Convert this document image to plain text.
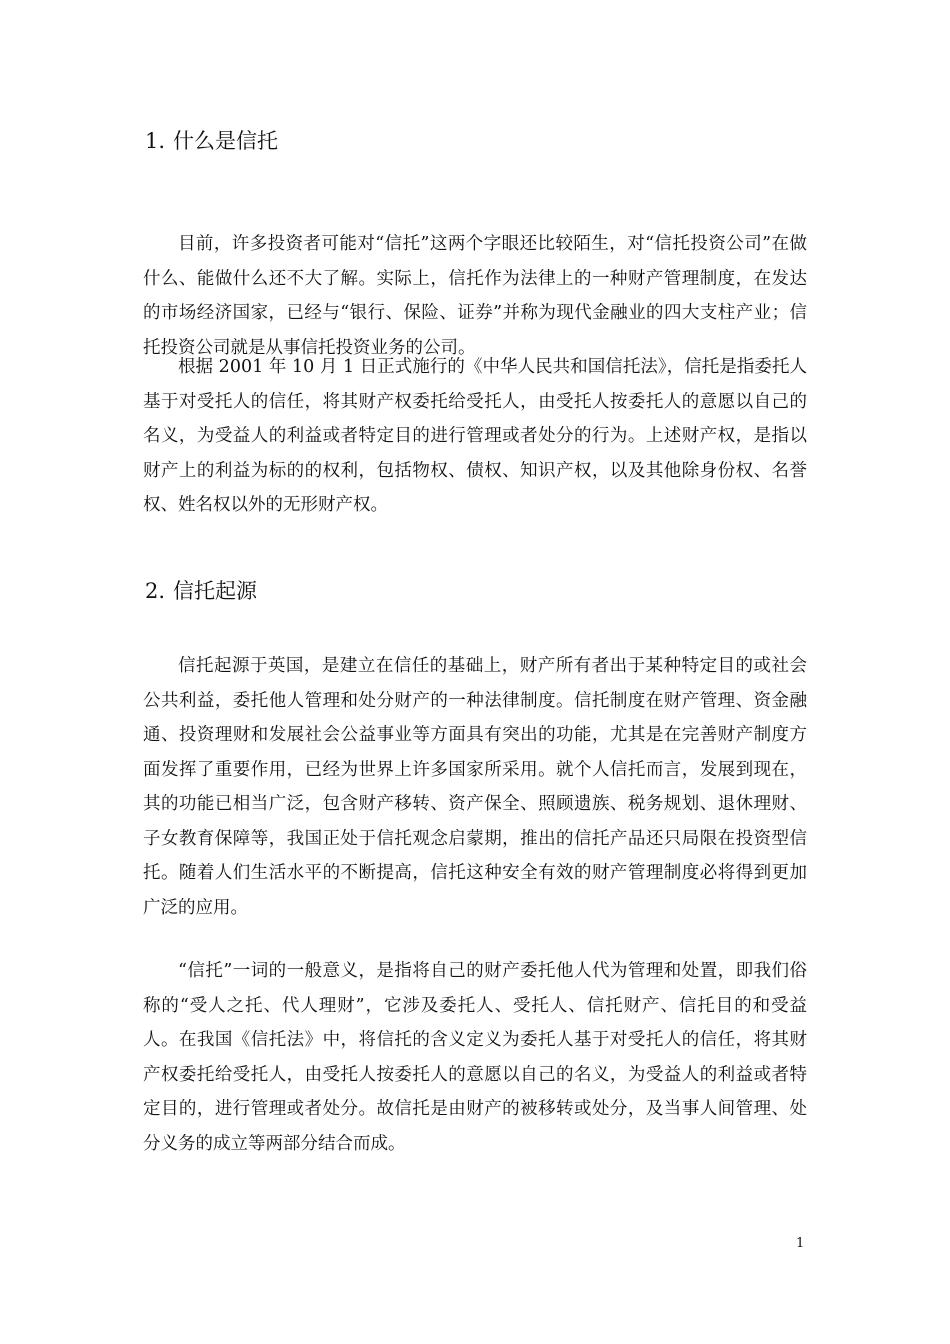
1. 什么是信托

目前，许多投资者可能对“信托”这两个字眼还比较陌生，对“信托投资公司”在做什么、能做什么还不大了解。实际上，信托作为法律上的一种财产管理制度，在发达的市场经济国家，已经与“银行、保险、证券”并称为现代金融业的四大支柱产业；信托投资公司就是从事信托投资业务的公司。

根据 2001 年 10 月 1 日正式施行的《中华人民共和国信托法》，信托是指委托人基于对受托人的信任，将其财产权委托给受托人，由受托人按委托人的意愿以自己的名义，为受益人的利益或者特定目的进行管理或者处分的行为。上述财产权，是指以财产上的利益为标的的权利，包括物权、债权、知识产权，以及其他除身份权、名誉权、姓名权以外的无形财产权。

2. 信托起源

信托起源于英国，是建立在信任的基础上，财产所有者出于某种特定目的或社会公共利益，委托他人管理和处分财产的一种法律制度。信托制度在财产管理、资金融通、投资理财和发展社会公益事业等方面具有突出的功能，尤其是在完善财产制度方面发挥了重要作用，已经为世界上许多国家所采用。就个人信托而言，发展到现在，其的功能已相当广泛，包含财产移转、资产保全、照顾遗族、税务规划、退休理财、子女教育保障等，我国正处于信托观念启蒙期，推出的信托产品还只局限在投资型信托。随着人们生活水平的不断提高，信托这种安全有效的财产管理制度必将得到更加广泛的应用。

“信托”一词的一般意义，是指将自己的财产委托他人代为管理和处置，即我们俗称的“受人之托、代人理财”，它涉及委托人、受托人、信托财产、信托目的和受益人。在我国《信托法》中，将信托的含义定义为委托人基于对受托人的信任，将其财产权委托给受托人，由受托人按委托人的意愿以自己的名义，为受益人的利益或者特定目的，进行管理或者处分。故信托是由财产的被移转或处分，及当事人间管理、处分义务的成立等两部分结合而成。

1
